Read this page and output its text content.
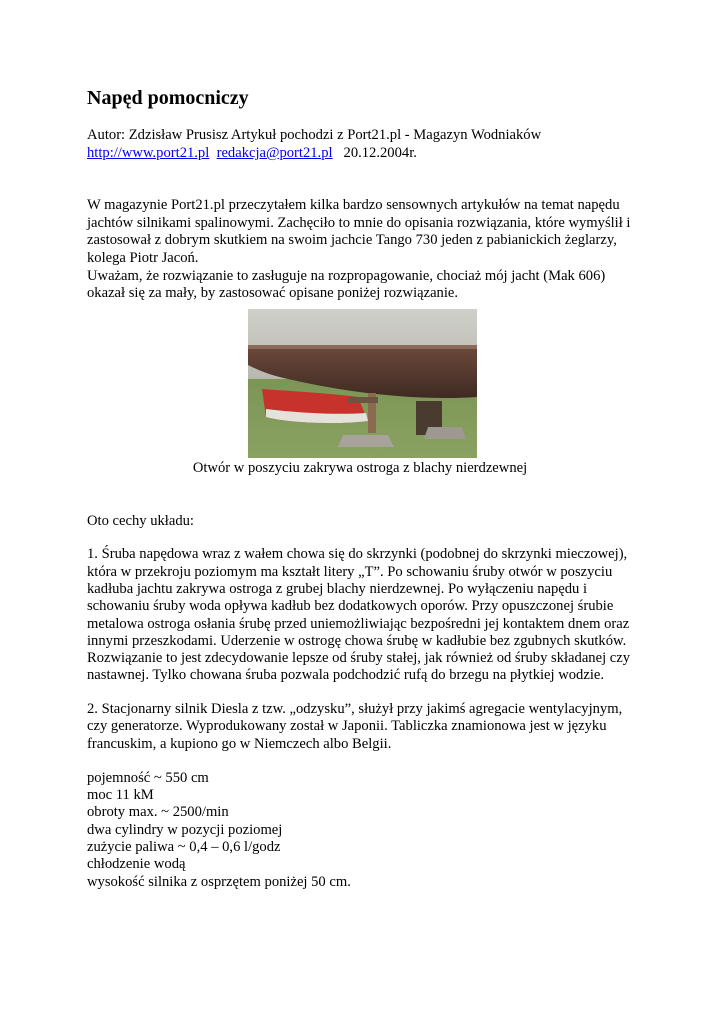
Napęd pomocniczy

Autor: Zdzisław Prusisz Artykuł pochodzi z Port21.pl - Magazyn Wodniaków

http://www.port21.pl redakcja@port21.pl 20.12.2004r.

W magazynie Port21.pl przeczytałem kilka bardzo sensownych artykułów na temat napędu

jachtów silnikami spalinowymi. Zachęciło to mnie do opisania rozwiązania, które wymyślił i

zastosował z dobrym skutkiem na swoim jachcie Tango 730 jeden z pabianickich żeglarzy,

kolega Piotr Jacoń.

Uważam, że rozwiązanie to zasługuje na rozpropagowanie, chociaż mój jacht (Mak 606)

okazał się za mały, by zastosować opisane poniżej rozwiązanie.

Otwór w poszyciu zakrywa ostroga z blachy nierdzewnej

Oto cechy układu:

1. Śruba napędowa wraz z wałem chowa się do skrzynki (podobnej do skrzynki mieczowej),

która w przekroju poziomym ma kształt litery „T”. Po schowaniu śruby otwór w poszyciu

kadłuba jachtu zakrywa ostroga z grubej blachy nierdzewnej. Po wyłączeniu napędu i

schowaniu śruby woda opływa kadłub bez dodatkowych oporów. Przy opuszczonej śrubie

metalowa ostroga osłania śrubę przed uniemożliwiając bezpośredni jej kontaktem dnem oraz

innymi przeszkodami. Uderzenie w ostrogę chowa śrubę w kadłubie bez zgubnych skutków.

Rozwiązanie to jest zdecydowanie lepsze od śruby stałej, jak również od śruby składanej czy

nastawnej. Tylko chowana śruba pozwala podchodzić rufą do brzegu na płytkiej wodzie.

2. Stacjonarny silnik Diesla z tzw. „odzysku”, służył przy jakimś agregacie wentylacyjnym,

czy generatorze. Wyprodukowany został w Japonii. Tabliczka znamionowa jest w języku

francuskim, a kupiono go w Niemczech albo Belgii.

pojemność ~ 550 cm

moc 11 kM

obroty max. ~ 2500/min

dwa cylindry w pozycji poziomej

zużycie paliwa ~ 0,4 – 0,6 l/godz

chłodzenie wodą

wysokość silnika z osprzętem poniżej 50 cm.
